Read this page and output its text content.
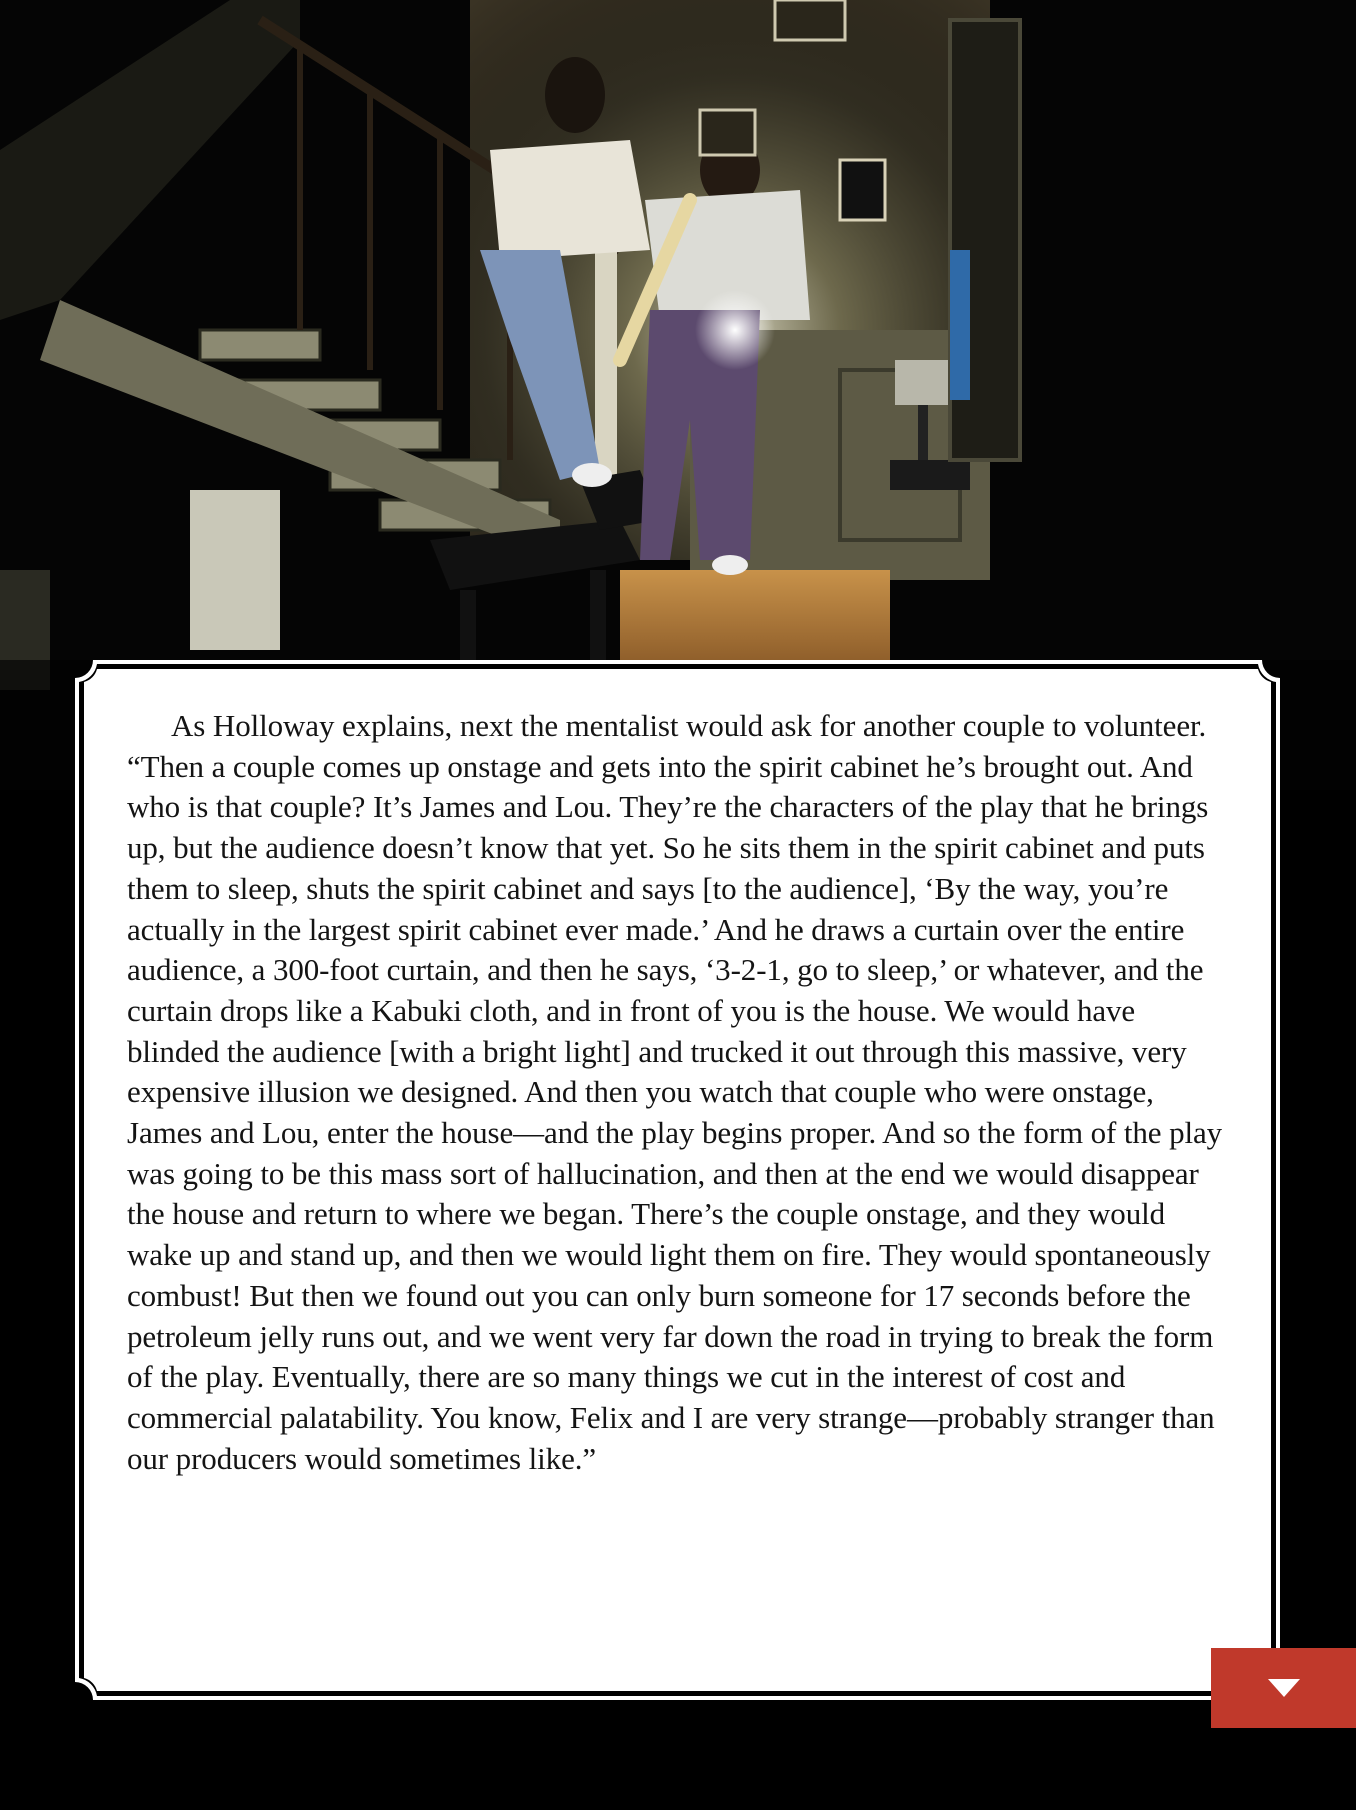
As Holloway explains, next the mentalist would ask for another couple to volunteer. “Then a couple comes up onstage and gets into the spirit cabinet he’s brought out. And who is that couple? It’s James and Lou. They’re the characters of the play that he brings up, but the audience doesn’t know that yet. So he sits them in the spirit cabinet and puts them to sleep, shuts the spirit cabinet and says [to the audience], ‘By the way, you’re actually in the largest spirit cabinet ever made.’ And he draws a curtain over the entire audience, a 300-foot curtain, and then he says, ‘3-2-1, go to sleep,’ or whatever, and the curtain drops like a Kabuki cloth, and in front of you is the house. We would have blinded the audience [with a bright light] and trucked it out through this massive, very expensive illusion we designed. And then you watch that couple who were onstage, James and Lou, enter the house—and the play begins proper. And so the form of the play was going to be this mass sort of hallucination, and then at the end we would disappear the house and return to where we began. There’s the couple onstage, and they would wake up and stand up, and then we would light them on fire. They would spontaneously combust! But then we found out you can only burn someone for 17 seconds before the petroleum jelly runs out, and we went very far down the road in trying to break the form of the play. Eventually, there are so many things we cut in the interest of cost and commercial palatability. You know, Felix and I are very strange—probably stranger than our producers would sometimes like.”
